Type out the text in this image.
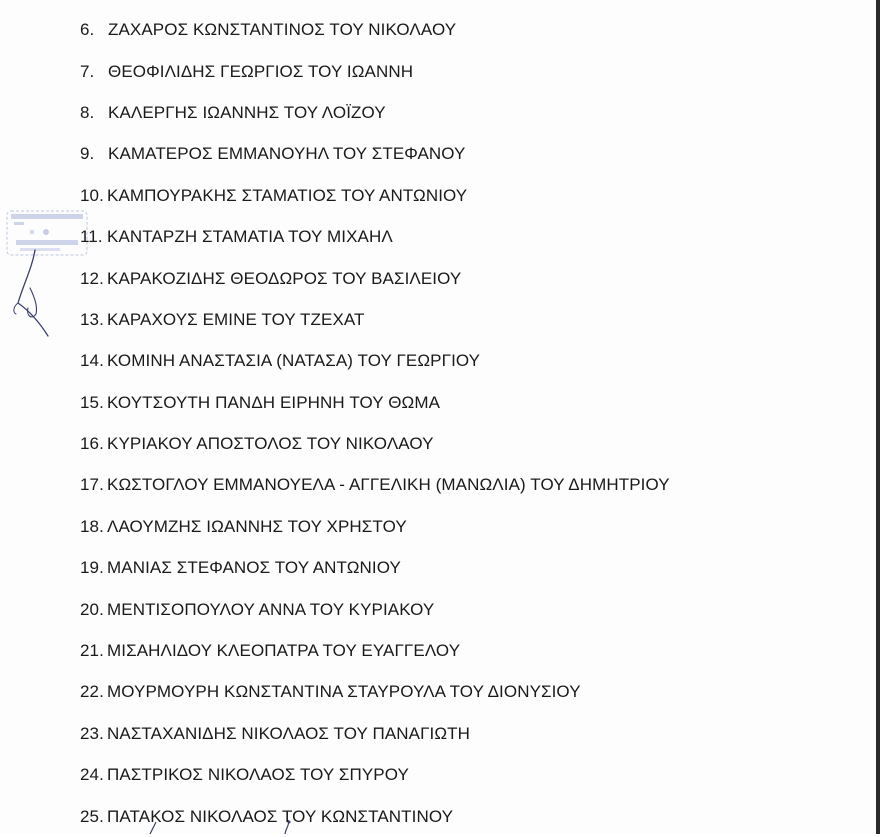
6. ΖΑΧΑΡΟΣ ΚΩΝΣΤΑΝΤΙΝΟΣ ΤΟΥ ΝΙΚΟΛΑΟΥ
7. ΘΕΟΦΙΛΙΔΗΣ ΓΕΩΡΓΙΟΣ ΤΟΥ ΙΩΑΝΝΗ
8. ΚΑΛΕΡΓΗΣ ΙΩΑΝΝΗΣ ΤΟΥ ΛΟΪΖΟΥ
9. ΚΑΜΑΤΕΡΟΣ ΕΜΜΑΝΟΥΗΛ ΤΟΥ ΣΤΕΦΑΝΟΥ
10. ΚΑΜΠΟΥΡΑΚΗΣ ΣΤΑΜΑΤΙΟΣ ΤΟΥ ΑΝΤΩΝΙΟΥ
11. ΚΑΝΤΑΡΖΗ ΣΤΑΜΑΤΙΑ ΤΟΥ ΜΙΧΑΗΛ
12. ΚΑΡΑΚΟΖΙΔΗΣ ΘΕΟΔΩΡΟΣ ΤΟΥ ΒΑΣΙΛΕΙΟΥ
13. ΚΑΡΑΧΟΥΣ ΕΜΙΝΕ ΤΟΥ ΤΖΕΧΑΤ
14. ΚΟΜΙΝΗ ΑΝΑΣΤΑΣΙΑ (ΝΑΤΑΣΑ) ΤΟΥ ΓΕΩΡΓΙΟΥ
15. ΚΟΥΤΣΟΥΤΗ ΠΑΝΔΗ ΕΙΡΗΝΗ ΤΟΥ ΘΩΜΑ
16. ΚΥΡΙΑΚΟΥ ΑΠΟΣΤΟΛΟΣ ΤΟΥ ΝΙΚΟΛΑΟΥ
17. ΚΩΣΤΟΓΛΟΥ ΕΜΜΑΝΟΥΕΛΑ - ΑΓΓΕΛΙΚΗ (ΜΑΝΩΛΙΑ) ΤΟΥ ΔΗΜΗΤΡΙΟΥ
18. ΛΑΟΥΜΖΗΣ ΙΩΑΝΝΗΣ ΤΟΥ ΧΡΗΣΤΟΥ
19. ΜΑΝΙΑΣ ΣΤΕΦΑΝΟΣ ΤΟΥ ΑΝΤΩΝΙΟΥ
20. ΜΕΝΤΙΣΟΠΟΥΛΟΥ ΑΝΝΑ ΤΟΥ ΚΥΡΙΑΚΟΥ
21. ΜΙΣΑΗΛΙΔΟΥ ΚΛΕΟΠΑΤΡΑ ΤΟΥ ΕΥΑΓΓΕΛΟΥ
22. ΜΟΥΡΜΟΥΡΗ ΚΩΝΣΤΑΝΤΙΝΑ ΣΤΑΥΡΟΥΛΑ ΤΟΥ ΔΙΟΝΥΣΙΟΥ
23. ΝΑΣΤΑΧΑΝΙΔΗΣ ΝΙΚΟΛΑΟΣ ΤΟΥ ΠΑΝΑΓΙΩΤΗ
24. ΠΑΣΤΡΙΚΟΣ ΝΙΚΟΛΑΟΣ ΤΟΥ ΣΠΥΡΟΥ
25. ΠΑΤΑΚΟΣ ΝΙΚΟΛΑΟΣ ΤΟΥ ΚΩΝΣΤΑΝΤΙΝΟΥ
